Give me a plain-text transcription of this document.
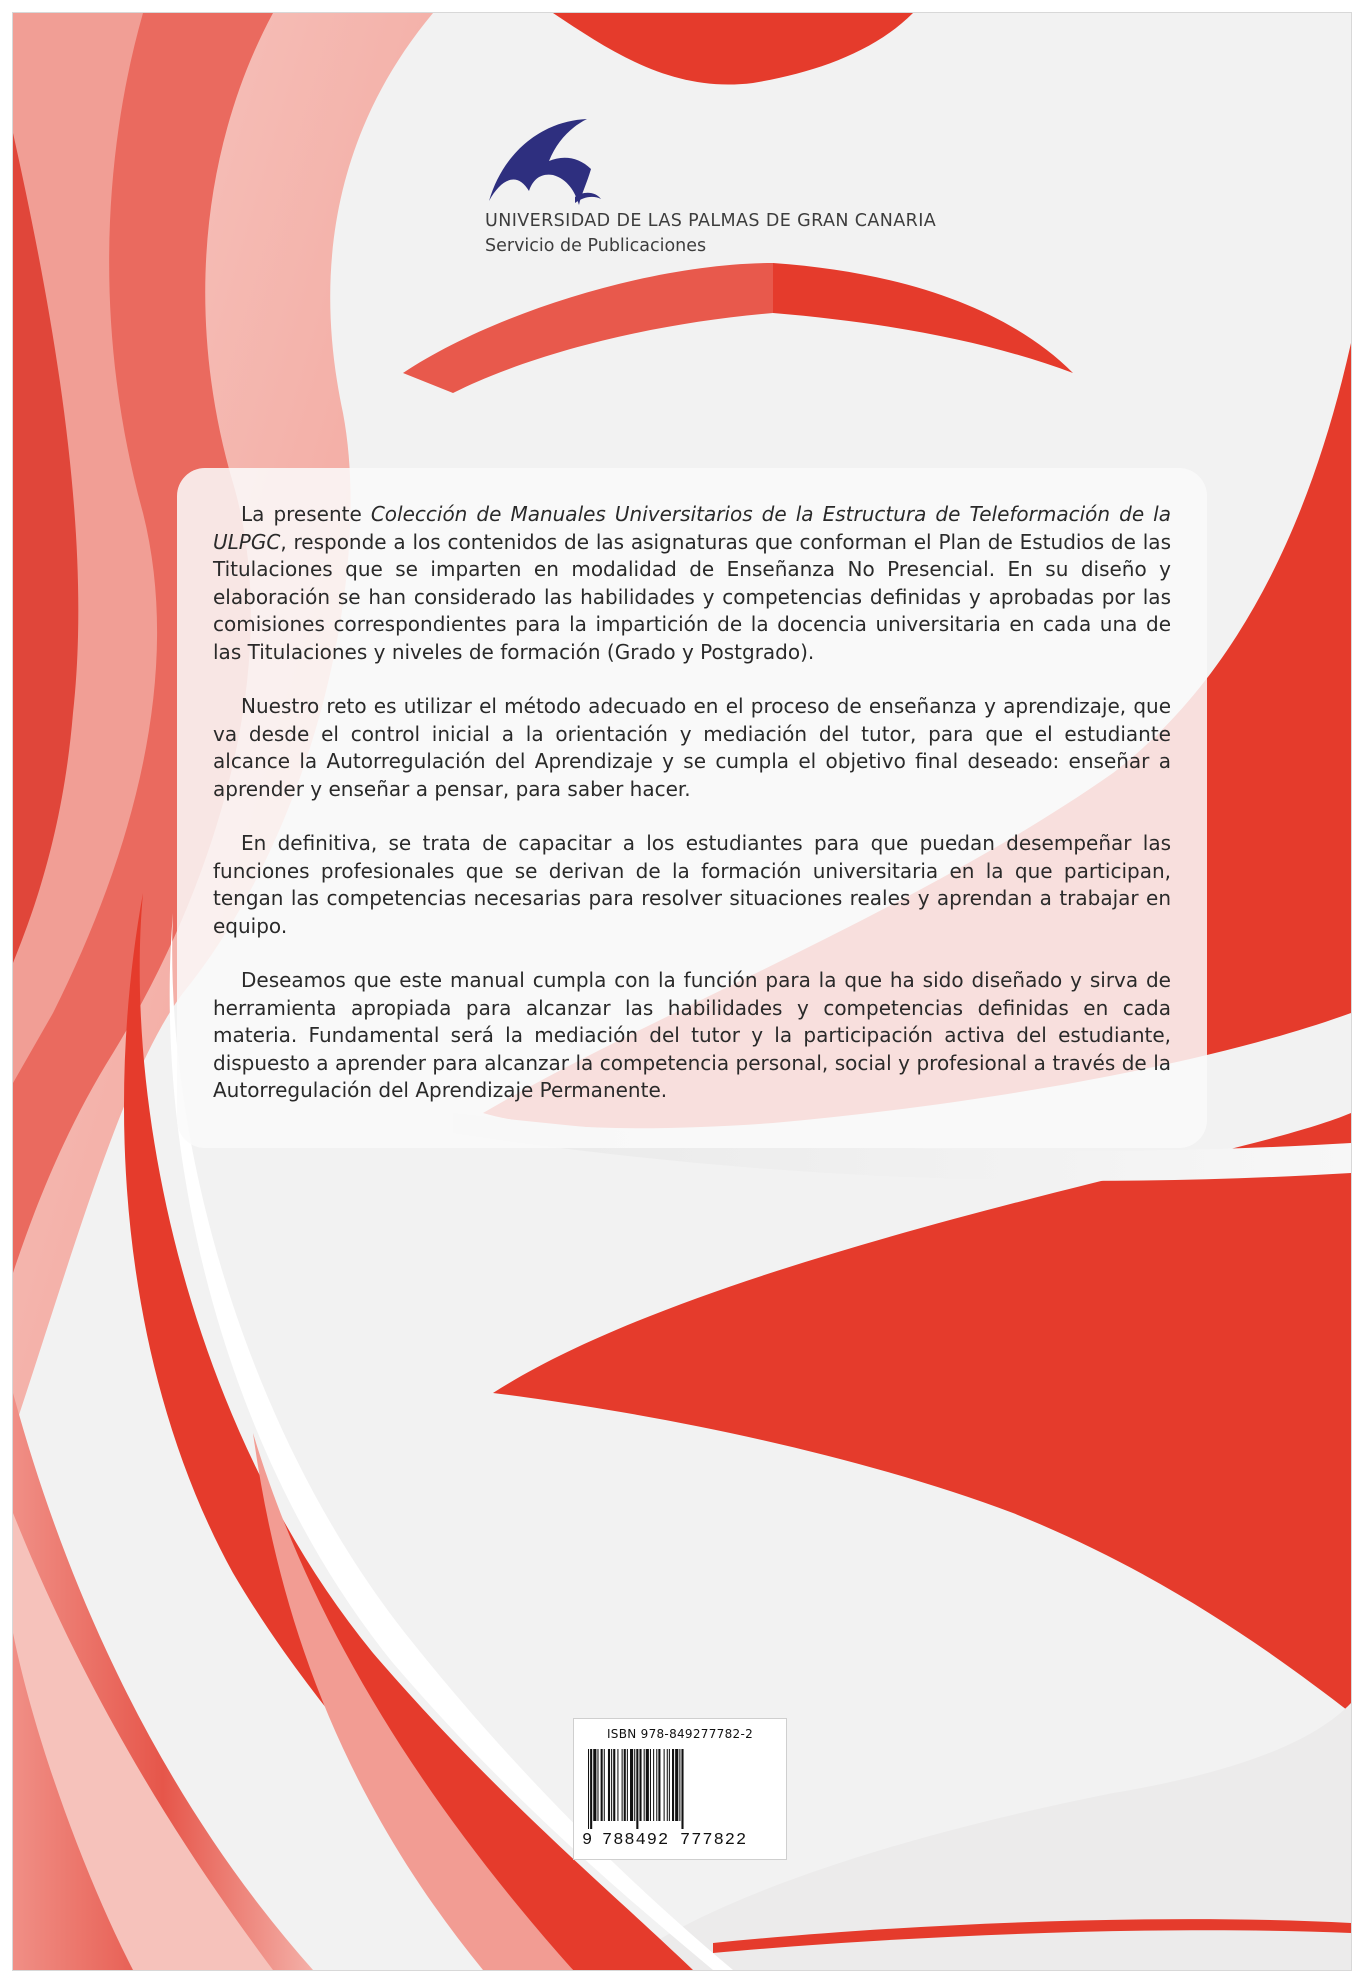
UNIVERSIDAD DE LAS PALMAS DE GRAN CANARIA
Servicio de Publicaciones

La presente Colección de Manuales Universitarios de la Estructura de Teleformación de la ULPGC, responde a los contenidos de las asignaturas que conforman el Plan de Estudios de las Titulaciones que se imparten en modalidad de Enseñanza No Presencial. En su diseño y elaboración se han considerado las habilidades y competencias definidas y aprobadas por las comisiones correspondientes para la impartición de la docencia universitaria en cada una de las Titulaciones y niveles de formación (Grado y Postgrado).

Nuestro reto es utilizar el método adecuado en el proceso de enseñanza y aprendizaje, que va desde el control inicial a la orientación y mediación del tutor, para que el estudiante alcance la Autorregulación del Aprendizaje y se cumpla el objetivo final deseado: enseñar a aprender y enseñar a pensar, para saber hacer.

En definitiva, se trata de capacitar a los estudiantes para que puedan desempeñar las funciones profesionales que se derivan de la formación universitaria en la que participan, tengan las competencias necesarias para resolver situaciones reales y aprendan a trabajar en equipo.

Deseamos que este manual cumpla con la función para la que ha sido diseñado y sirva de herramienta apropiada para alcanzar las habilidades y competencias definidas en cada materia. Fundamental será la mediación del tutor y la participación activa del estudiante, dispuesto a aprender para alcanzar la competencia personal, social y profesional a través de la Autorregulación del Aprendizaje Permanente.

ISBN 978-849277782-2
9 788492 777822
